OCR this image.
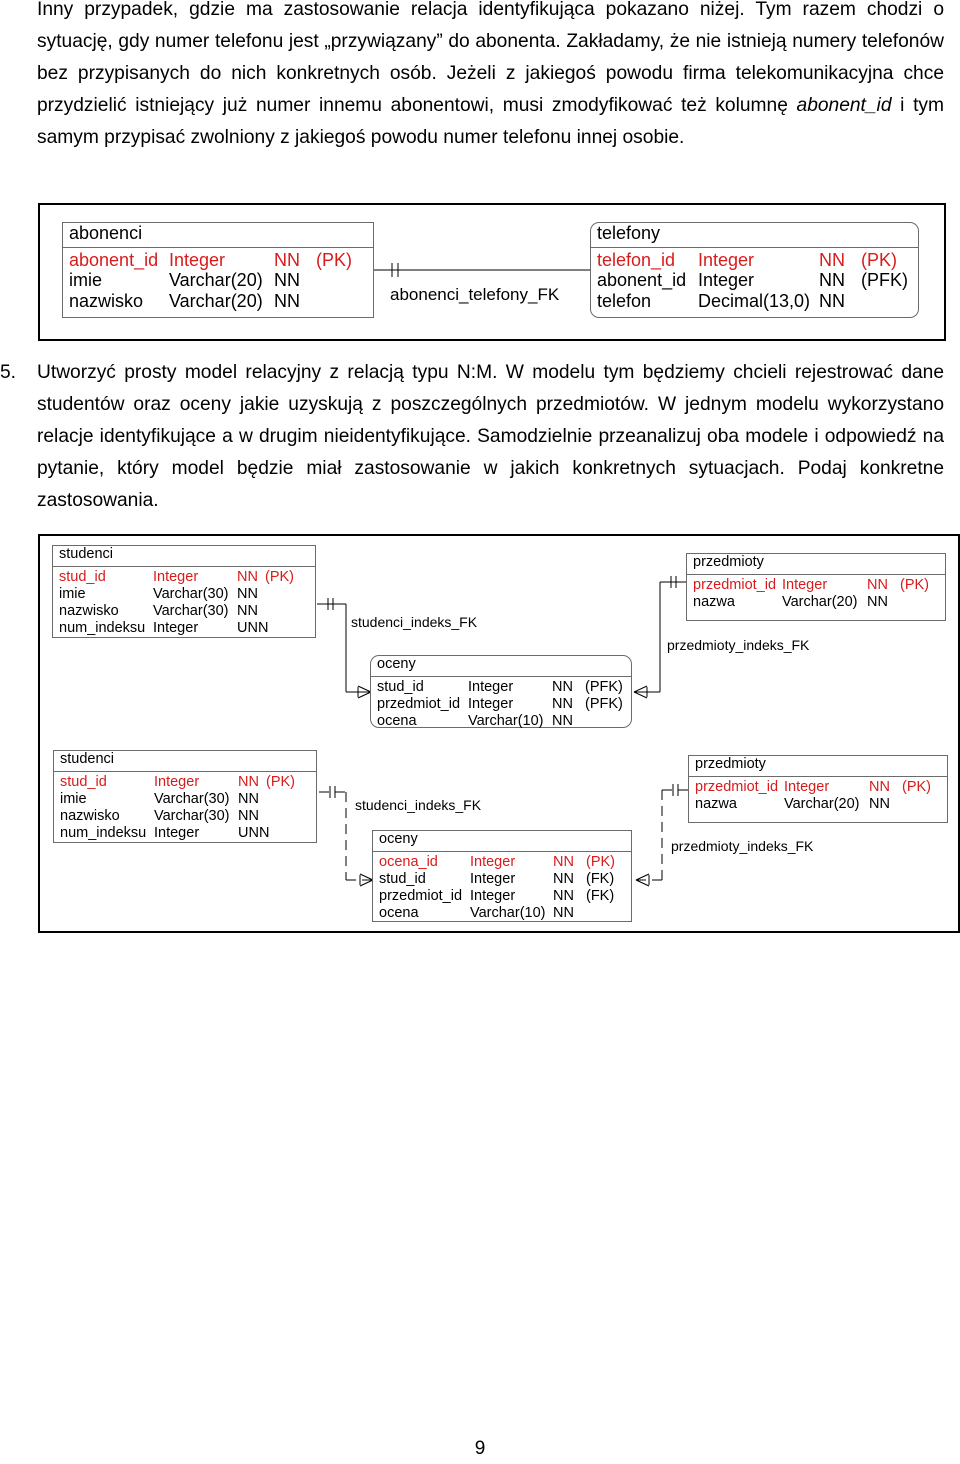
Inny przypadek, gdzie ma zastosowanie relacja identyfikująca pokazano niżej. Tym razem chodzi o sytuację, gdy numer telefonu jest „przywiązany” do abonenta. Zakładamy, że nie istnieją numery telefonów bez przypisanych do nich konkretnych osób. Jeżeli z jakiegoś powodu firma telekomunikacyjna chce przydzielić istniejący już numer innemu abonentowi, musi zmodyfikować też kolumnę abonent_id i tym samym przypisać zwolniony z jakiegoś powodu numer telefonu innej osobie.

abonenci_telefony_FK
abonenci
abonent_id Integer	NN (PK)
imie	Varchar(20) NN
nazwisko Varchar(20) NN
telefony
telefon_id Integer	NN (PK)
abonent_id Integer	NN (PFK)
telefon	Decimal(13,0) NN
5. Utworzyć prosty model relacyjny z relacją typu N:M. W modelu tym będziemy chcieli rejestrować dane studentów oraz oceny jakie uzyskują z poszczególnych przedmiotów. W jednym modelu wykorzystano relacje identyfikujące a w drugim nieidentyfikujące. Samodzielnie przeanalizuj oba modele i odpowiedź na pytanie, który model będzie miał zastosowanie w jakich konkretnych sytuacjach. Podaj konkretne zastosowania.

studenci_indeks_FK
przedmioty_indeks_FK
studenci_indeks_FK
przedmioty_indeks_FK
studenci
stud_id	Integer	NN (PK)
imie	Varchar(30) NN
nazwisko Varchar(30) NN
num_indeksu Integer	UNN
przedmioty
przedmiot_id Integer	NN (PK)
nazwa	Varchar(20) NN
oceny
stud_id	Integer	NN (PFK)
przedmiot_id Integer	NN (PFK)
ocena	Varchar(10) NN
studenci
stud_id	Integer	NN (PK)
imie	Varchar(30) NN
nazwisko Varchar(30) NN
num_indeksu Integer	UNN
przedmioty
przedmiot_id Integer	NN (PK)
nazwa	Varchar(20) NN
oceny
ocena_id Integer	NN (PK)
stud_id	Integer	NN (FK)
przedmiot_id Integer	NN (FK)
ocena	Varchar(10) NN
9
